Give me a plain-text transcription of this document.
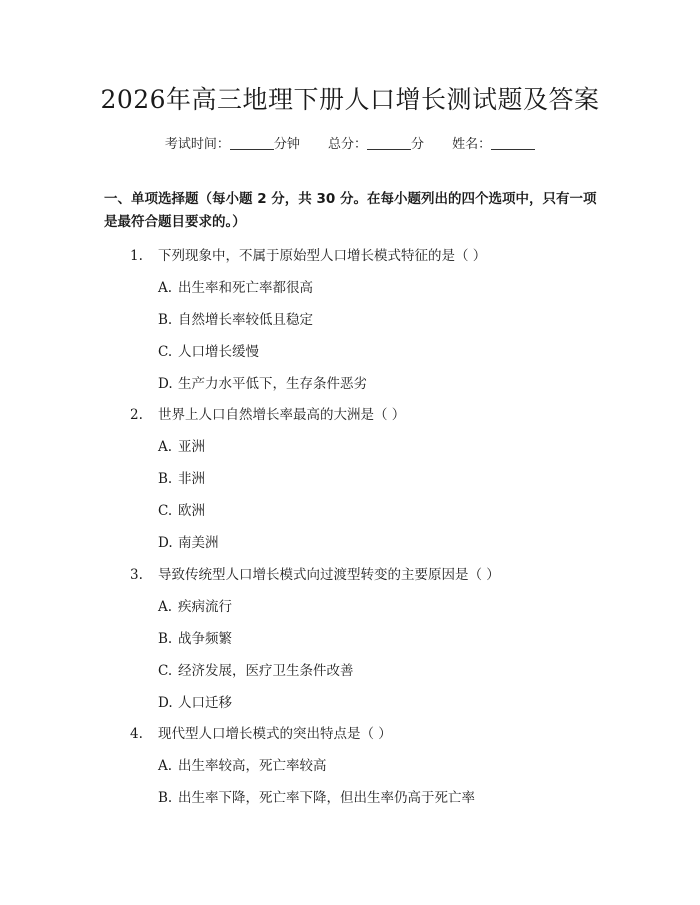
2026年高三地理下册人口增长测试题及答案
考试时间：	分钟 总分：	分 姓名：

一、单项选择题（每小题 2 分，共 30 分。在每小题列出的四个选项中，只有一项是最符合题目要求的。）

1. 下列现象中，不属于原始型人口增长模式特征的是（ ）
A. 出生率和死亡率都很高
B. 自然增长率较低且稳定
C. 人口增长缓慢
D. 生产力水平低下，生存条件恶劣
2. 世界上人口自然增长率最高的大洲是（ ）
A. 亚洲
B. 非洲
C. 欧洲
D. 南美洲
3. 导致传统型人口增长模式向过渡型转变的主要原因是（ ）
A. 疾病流行
B. 战争频繁
C. 经济发展，医疗卫生条件改善
D. 人口迁移
4. 现代型人口增长模式的突出特点是（ ）
A. 出生率较高，死亡率较高
B. 出生率下降，死亡率下降，但出生率仍高于死亡率
